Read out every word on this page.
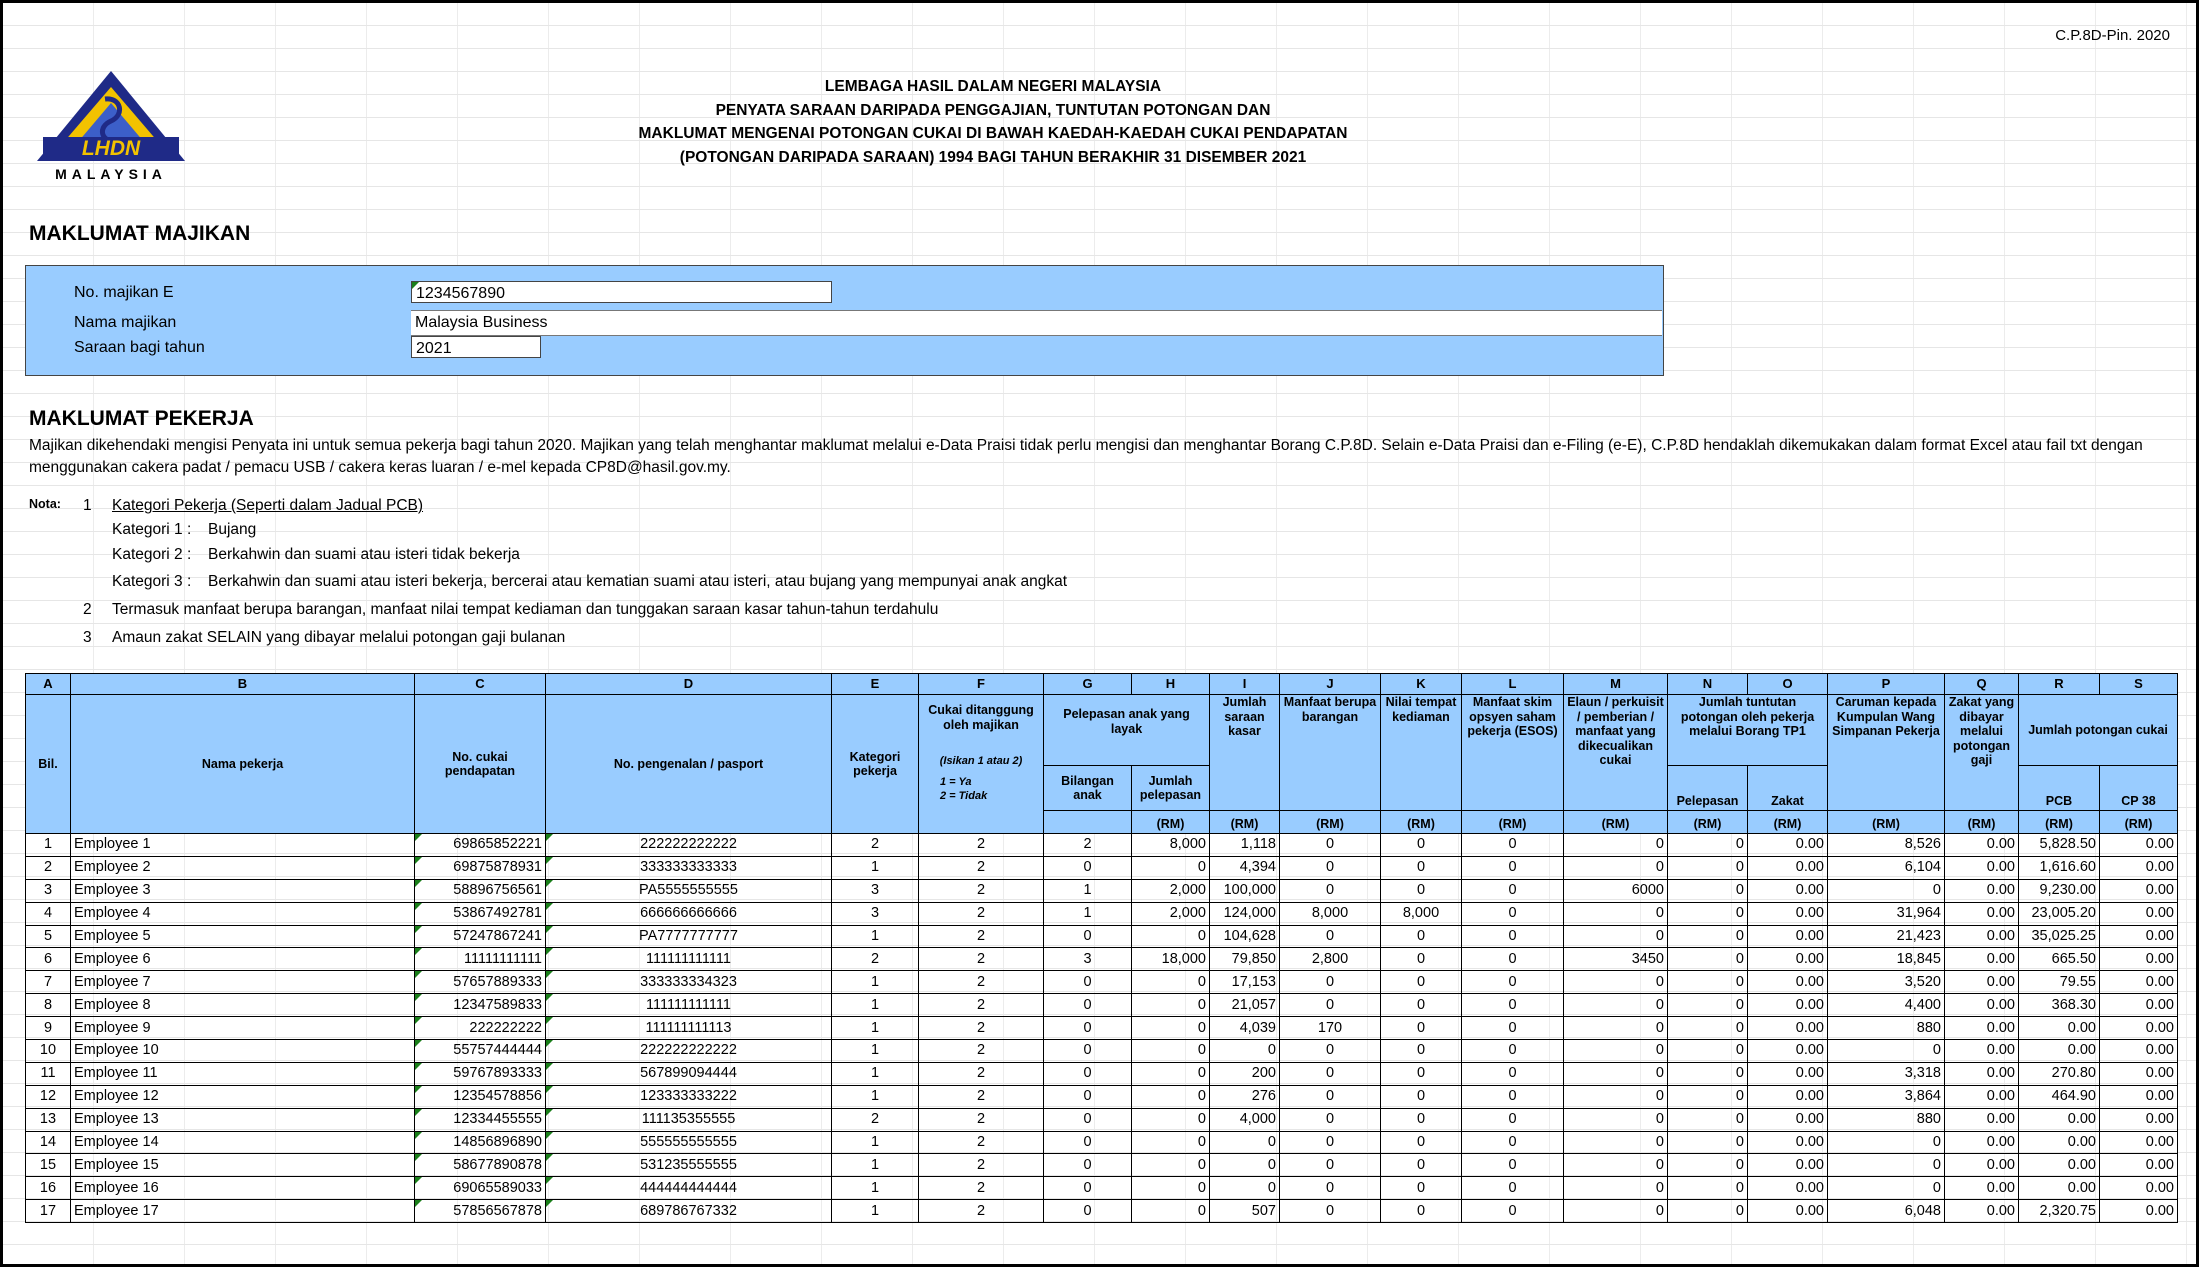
C.P.8D-Pin. 2020
LHDN
MALAYSIA
LEMBAGA HASIL DALAM NEGERI MALAYSIA
PENYATA SARAAN DARIPADA PENGGAJIAN, TUNTUTAN POTONGAN DAN
MAKLUMAT MENGENAI POTONGAN CUKAI DI BAWAH KAEDAH-KAEDAH CUKAI PENDAPATAN
(POTONGAN DARIPADA SARAAN) 1994 BAGI TAHUN BERAKHIR 31 DISEMBER 2021
MAKLUMAT MAJIKAN
No. majikan E	1234567890
Nama majikan	Malaysia Business
Saraan bagi tahun	2021
MAKLUMAT PEKERJA
Majikan dikehendaki mengisi Penyata ini untuk semua pekerja bagi tahun 2020. Majikan yang telah menghantar maklumat melalui e-Data Praisi tidak perlu mengisi dan menghantar Borang C.P.8D. Selain e-Data Praisi dan e-Filing (e-E), C.P.8D hendaklah dikemukakan dalam format Excel atau fail txt dengan menggunakan cakera padat / pemacu USB / cakera keras luaran / e-mel kepada CP8D@hasil.gov.my.
Nota: 1 Kategori Pekerja (Seperti dalam Jadual PCB)
Kategori 1 : Bujang
Kategori 2 : Berkahwin dan suami atau isteri tidak bekerja
Kategori 3 : Berkahwin dan suami atau isteri bekerja, bercerai atau kematian suami atau isteri, atau bujang yang mempunyai anak angkat
2 Termasuk manfaat berupa barangan, manfaat nilai tempat kediaman dan tunggakan saraan kasar tahun-tahun terdahulu
3 Amaun zakat SELAIN yang dibayar melalui potongan gaji bulanan
A	B	C	D	E	F	G	H	I	J	K	L	M	N	O	P	Q	R	S
Bil.	Nama pekerja	No. cukai pendapatan	No. pengenalan / pasport	Kategori pekerja	Cukai ditanggung oleh majikan
(Isikan 1 atau 2)
1 = Ya
2 = Tidak	Pelepasan anak yang layak		Jumlah saraan kasar	Manfaat berupa barangan	Nilai tempat kediaman	Manfaat skim opsyen saham pekerja (ESOS)	Elaun / perkuisit / pemberian / manfaat yang dikecualikan cukai	Jumlah tuntutan potongan oleh pekerja melalui Borang TP1		Caruman kepada Kumpulan Wang Simpanan Pekerja	Zakat yang dibayar melalui potongan gaji	Jumlah potongan cukai	
						Bilangan anak	Jumlah pelepasan						Pelepasan	Zakat			PCB	CP 38
							(RM)	(RM)	(RM)	(RM)	(RM)	(RM)	(RM)	(RM)	(RM)	(RM)	(RM)	(RM)
1	Employee 1	69865852221	222222222222	2	2	2	8,000	1,118	0	0	0	0	0	0.00	8,526	0.00	5,828.50	0.00
2	Employee 2	69875878931	333333333333	1	2	0	0	4,394	0	0	0	0	0	0.00	6,104	0.00	1,616.60	0.00
3	Employee 3	58896756561	PA5555555555	3	2	1	2,000	100,000	0	0	0	6000	0	0.00	0	0.00	9,230.00	0.00
4	Employee 4	53867492781	666666666666	3	2	1	2,000	124,000	8,000	8,000	0	0	0	0.00	31,964	0.00	23,005.20	0.00
5	Employee 5	57247867241	PA7777777777	1	2	0	0	104,628	0	0	0	0	0	0.00	21,423	0.00	35,025.25	0.00
6	Employee 6	11111111111	111111111111	2	2	3	18,000	79,850	2,800	0	0	3450	0	0.00	18,845	0.00	665.50	0.00
7	Employee 7	57657889333	333333334323	1	2	0	0	17,153	0	0	0	0	0	0.00	3,520	0.00	79.55	0.00
8	Employee 8	12347589833	111111111111	1	2	0	0	21,057	0	0	0	0	0	0.00	4,400	0.00	368.30	0.00
9	Employee 9	222222222	111111111113	1	2	0	0	4,039	170	0	0	0	0	0.00	880	0.00	0.00	0.00
10	Employee 10	55757444444	222222222222	1	2	0	0	0	0	0	0	0	0	0.00	0	0.00	0.00	0.00
11	Employee 11	59767893333	567899094444	1	2	0	0	200	0	0	0	0	0	0.00	3,318	0.00	270.80	0.00
12	Employee 12	12354578856	123333333222	1	2	0	0	276	0	0	0	0	0	0.00	3,864	0.00	464.90	0.00
13	Employee 13	12334455555	111135355555	2	2	0	0	4,000	0	0	0	0	0	0.00	880	0.00	0.00	0.00
14	Employee 14	14856896890	555555555555	1	2	0	0	0	0	0	0	0	0	0.00	0	0.00	0.00	0.00
15	Employee 15	58677890878	531235555555	1	2	0	0	0	0	0	0	0	0	0.00	0	0.00	0.00	0.00
16	Employee 16	69065589033	444444444444	1	2	0	0	0	0	0	0	0	0	0.00	0	0.00	0.00	0.00
17	Employee 17	57856567878	689786767332	1	2	0	0	507	0	0	0	0	0	0.00	6,048	0.00	2,320.75	0.00
